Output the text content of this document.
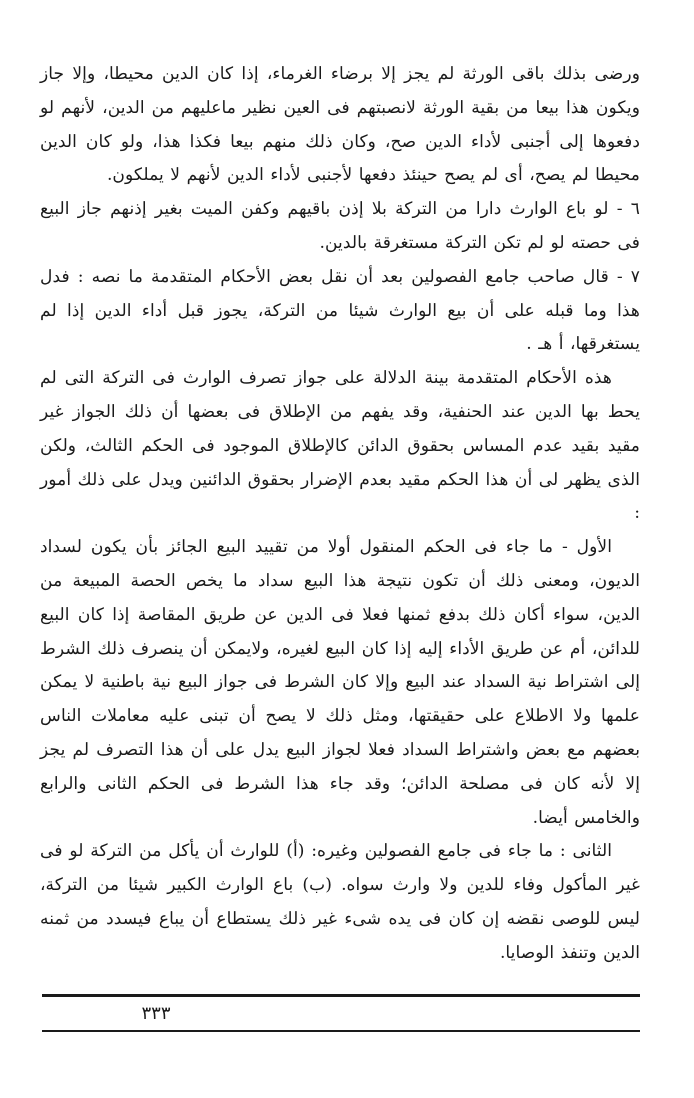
ورضى بذلك باقى الورثة لم يجز إلا برضاء الغرماء، إذا كان الدين محيطا، وإلا جاز ويكون هذا بيعا من بقية الورثة لانصبتهم فى العين نظير ماعليهم من الدين، لأنهم لو دفعوها إلى أجنبى لأداء الدين صح، وكان ذلك منهم بيعا فكذا هذا، ولو كان الدين محيطا لم يصح، أى لم يصح حينئذ دفعها لأجنبى لأداء الدين لأنهم لا يملكون.

٦ - لو باع الوارث دارا من التركة بلا إذن باقيهم وكفن الميت بغير إذنهم جاز البيع فى حصته لو لم تكن التركة مستغرقة بالدين.

٧ - قال صاحب جامع الفصولين بعد أن نقل بعض الأحكام المتقدمة ما نصه : فدل هذا وما قبله على أن بيع الوارث شيئا من التركة، يجوز قبل أداء الدين إذا لم يستغرقها، أ هـ .

هذه الأحكام المتقدمة بينة الدلالة على جواز تصرف الوارث فى التركة التى لم يحط بها الدين عند الحنفية، وقد يفهم من الإطلاق فى بعضها أن ذلك الجواز غير مقيد بقيد عدم المساس بحقوق الدائن كالإطلاق الموجود فى الحكم الثالث، ولكن الذى يظهر لى أن هذا الحكم مقيد بعدم الإضرار بحقوق الدائنين ويدل على ذلك أمور :

الأول - ما جاء فى الحكم المنقول أولا من تقييد البيع الجائز بأن يكون لسداد الديون، ومعنى ذلك أن تكون نتيجة هذا البيع سداد ما يخص الحصة المبيعة من الدين، سواء أكان ذلك بدفع ثمنها فعلا فى الدين عن طريق المقاصة إذا كان البيع للدائن، أم عن طريق الأداء إليه إذا كان البيع لغيره، ولايمكن أن ينصرف ذلك الشرط إلى اشتراط نية السداد عند البيع وإلا كان الشرط فى جواز البيع نية باطنية لا يمكن علمها ولا الاطلاع على حقيقتها، ومثل ذلك لا يصح أن تبنى عليه معاملات الناس بعضهم مع بعض واشتراط السداد فعلا لجواز البيع يدل على أن هذا التصرف لم يجز إلا لأنه كان فى مصلحة الدائن؛ وقد جاء هذا الشرط فى الحكم الثانى والرابع والخامس أيضا.

الثانى : ما جاء فى جامع الفصولين وغيره: (أ) للوارث أن يأكل من التركة لو فى غير المأكول وفاء للدين ولا وارث سواه. (ب) باع الوارث الكبير شيئا من التركة، ليس للوصى نقضه إن كان فى يده شىء غير ذلك يستطاع أن يباع فيسدد من ثمنه الدين وتنفذ الوصايا.

٣٣٣
